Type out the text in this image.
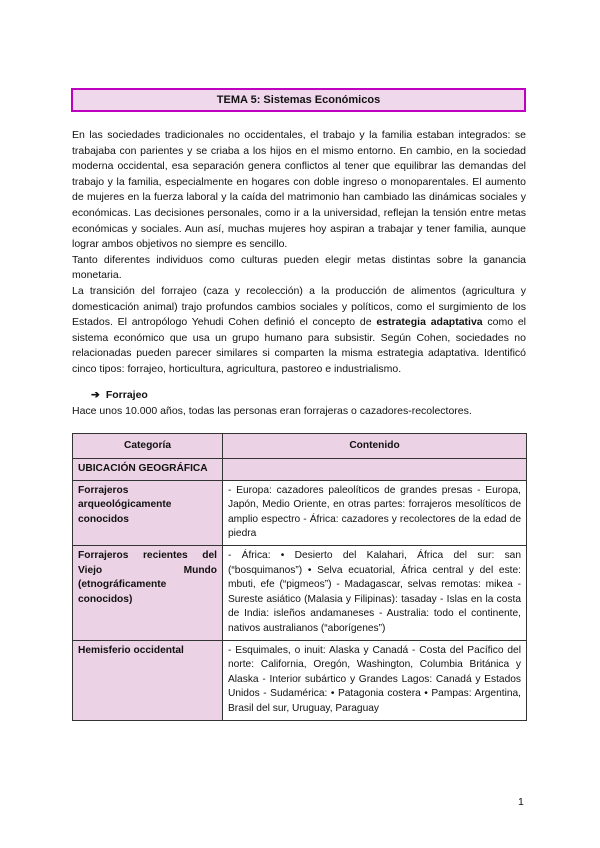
TEMA 5: Sistemas Económicos

En las sociedades tradicionales no occidentales, el trabajo y la familia estaban integrados: se trabajaba con parientes y se criaba a los hijos en el mismo entorno. En cambio, en la sociedad moderna occidental, esa separación genera conflictos al tener que equilibrar las demandas del trabajo y la familia, especialmente en hogares con doble ingreso o monoparentales. El aumento de mujeres en la fuerza laboral y la caída del matrimonio han cambiado las dinámicas sociales y económicas. Las decisiones personales, como ir a la universidad, reflejan la tensión entre metas económicas y sociales. Aun así, muchas mujeres hoy aspiran a trabajar y tener familia, aunque lograr ambos objetivos no siempre es sencillo.

Tanto diferentes individuos como culturas pueden elegir metas distintas sobre la ganancia monetaria.

La transición del forrajeo (caza y recolección) a la producción de alimentos (agricultura y domesticación animal) trajo profundos cambios sociales y políticos, como el surgimiento de los Estados. El antropólogo Yehudi Cohen definió el concepto de estrategia adaptativa como el sistema económico que usa un grupo humano para subsistir. Según Cohen, sociedades no relacionadas pueden parecer similares si comparten la misma estrategia adaptativa. Identificó cinco tipos: forrajeo, horticultura, agricultura, pastoreo e industrialismo.

➔ Forrajeo
Hace unos 10.000 años, todas las personas eran forrajeras o cazadores-recolectores.
Categoría	Contenido
UBICACIÓN GEOGRÁFICA	
Forrajeros arqueológicamente conocidos	- Europa: cazadores paleolíticos de grandes presas - Europa, Japón, Medio Oriente, en otras partes: forrajeros mesolíticos de amplio espectro - África: cazadores y recolectores de la edad de piedra
Forrajeros recientes del Viejo Mundo (etnográficamente conocidos)	- África: • Desierto del Kalahari, África del sur: san (“bosquimanos”) • Selva ecuatorial, África central y del este: mbuti, efe (“pigmeos”) - Madagascar, selvas remotas: mikea - Sureste asiático (Malasia y Filipinas): tasaday - Islas en la costa de India: isleños andamaneses - Australia: todo el continente, nativos australianos (“aborígenes”)
Hemisferio occidental	- Esquimales, o inuit: Alaska y Canadá - Costa del Pacífico del norte: California, Oregón, Washington, Columbia Británica y Alaska - Interior subártico y Grandes Lagos: Canadá y Estados Unidos - Sudamérica: • Patagonia costera • Pampas: Argentina, Brasil del sur, Uruguay, Paraguay
1
